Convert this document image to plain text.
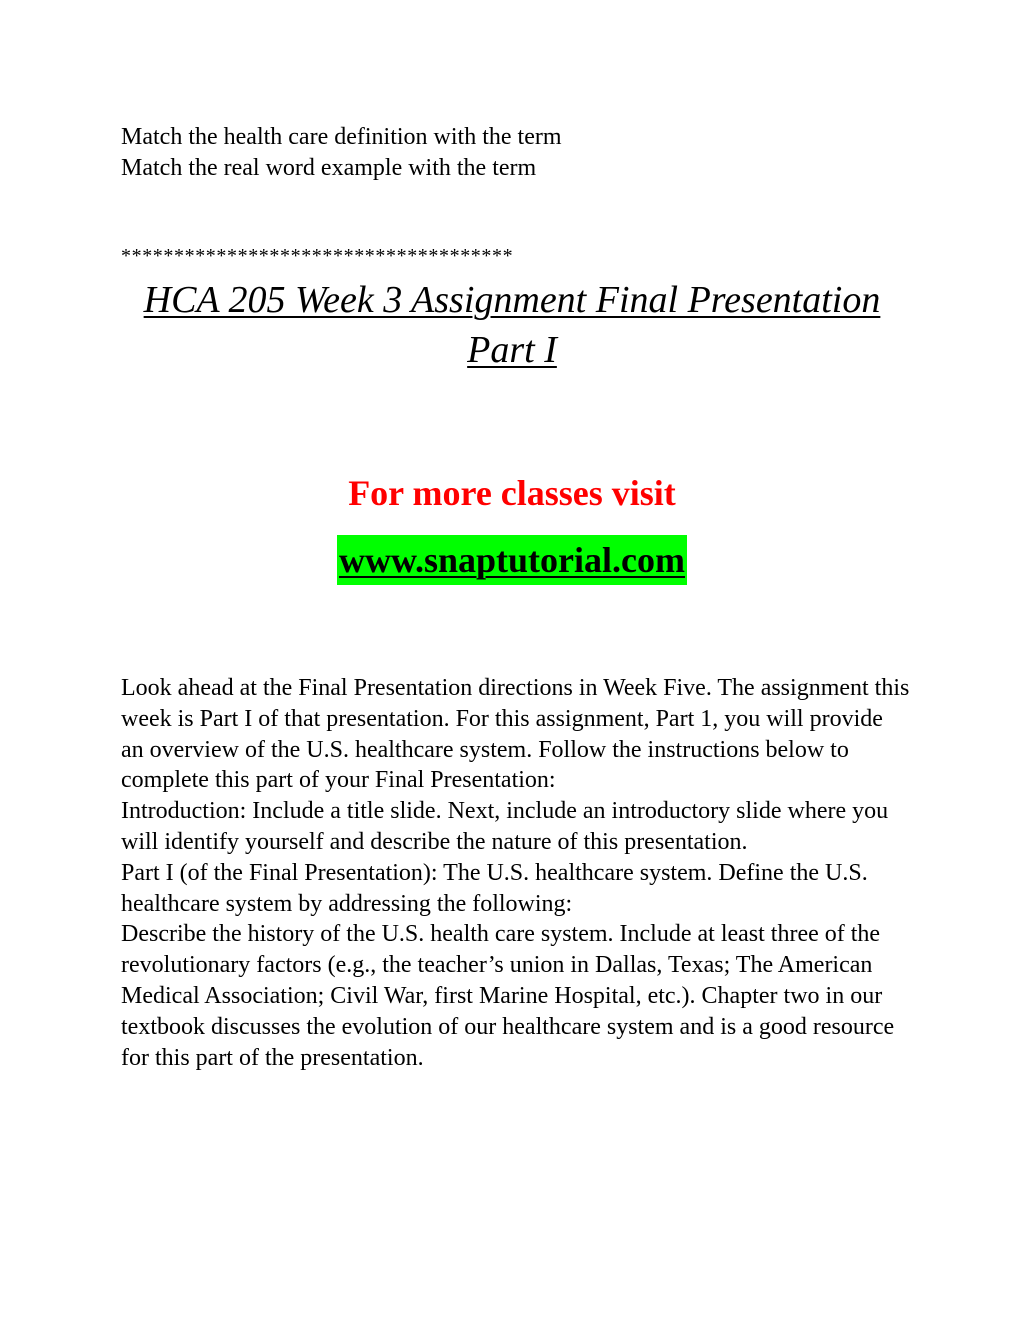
Match the health care definition with the term
Match the real word example with the term
*************************************
HCA 205 Week 3 Assignment Final Presentation
Part I
For more classes visit
www.snaptutorial.com

Look ahead at the Final Presentation directions in Week Five. The assignment this week is Part I of that presentation. For this assignment, Part 1, you will provide an overview of the U.S. healthcare system. Follow the instructions below to complete this part of your Final Presentation:

Introduction: Include a title slide. Next, include an introductory slide where you will identify yourself and describe the nature of this presentation.

Part I (of the Final Presentation): The U.S. healthcare system. Define the U.S. healthcare system by addressing the following:

Describe the history of the U.S. health care system. Include at least three of the revolutionary factors (e.g., the teacher’s union in Dallas, Texas; The American Medical Association; Civil War, first Marine Hospital, etc.). Chapter two in our textbook discusses the evolution of our healthcare system and is a good resource for this part of the presentation.
